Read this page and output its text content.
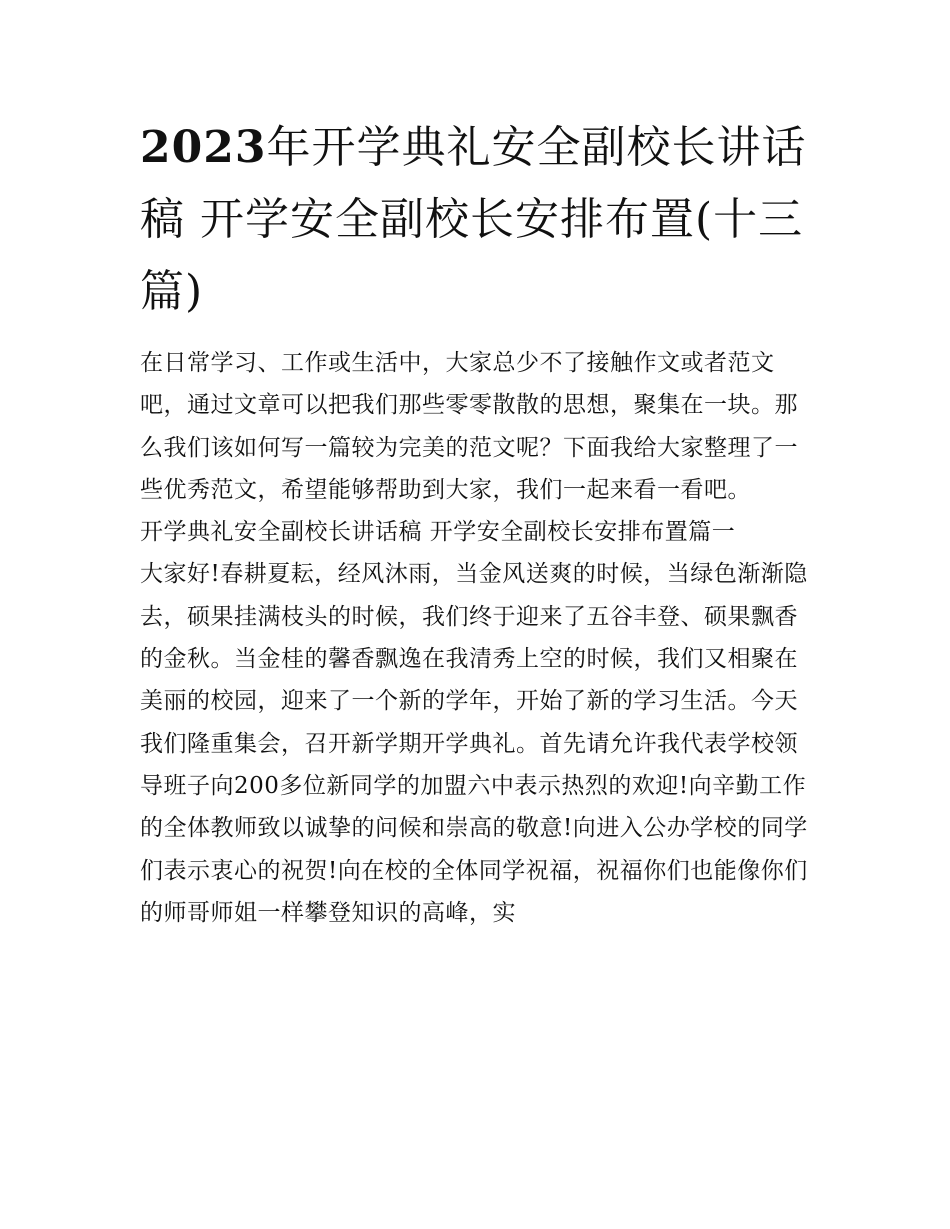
2023年开学典礼安全副校长讲话稿 开学安全副校长安排布置(十三篇)

在日常学习、工作或生活中，大家总少不了接触作文或者范文吧，通过文章可以把我们那些零零散散的思想，聚集在一块。那么我们该如何写一篇较为完美的范文呢？下面我给大家整理了一些优秀范文，希望能够帮助到大家，我们一起来看一看吧。

开学典礼安全副校长讲话稿 开学安全副校长安排布置篇一

大家好!春耕夏耘，经风沐雨，当金风送爽的时候，当绿色渐渐隐去，硕果挂满枝头的时候，我们终于迎来了五谷丰登、硕果飘香的金秋。当金桂的馨香飘逸在我清秀上空的时候，我们又相聚在美丽的校园，迎来了一个新的学年，开始了新的学习生活。今天我们隆重集会，召开新学期开学典礼。首先请允许我代表学校领导班子向200多位新同学的加盟六中表示热烈的欢迎!向辛勤工作的全体教师致以诚挚的问候和崇高的敬意!向进入公办学校的同学们表示衷心的祝贺!向在校的全体同学祝福，祝福你们也能像你们的师哥师姐一样攀登知识的高峰，实
